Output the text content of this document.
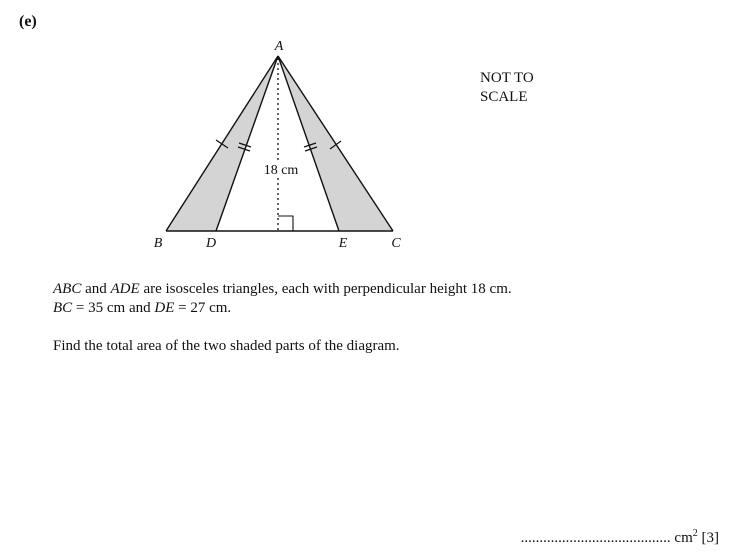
(e)
A
B	D	E	C
18 cm
NOT TO
SCALE
ABC and ADE are isosceles triangles, each with perpendicular height 18 cm.
BC = 35 cm and DE = 27 cm.
Find the total area of the two shaded parts of the diagram.
........................................ $cm^2$ [3]
